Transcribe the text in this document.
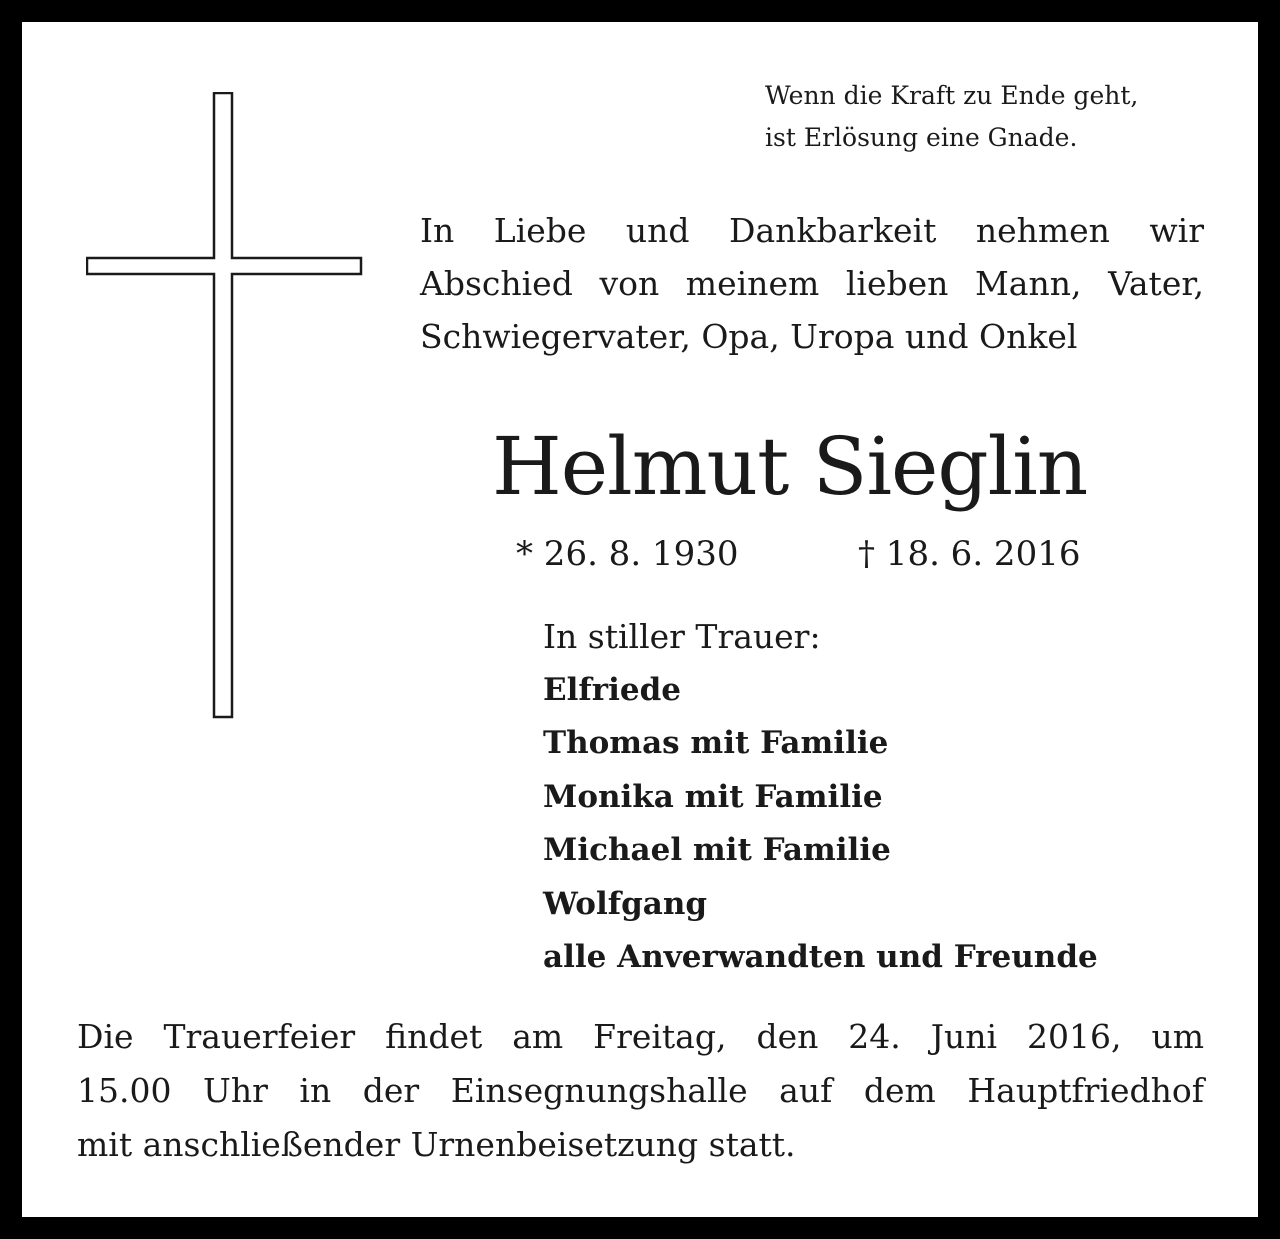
Wenn die Kraft zu Ende geht,
ist Erlösung eine Gnade.
In Liebe und Dankbarkeit nehmen wir
Abschied von meinem lieben Mann, Vater,
Schwiegervater, Opa, Uropa und Onkel
Helmut Sieglin
* 26. 8. 1930	† 18. 6. 2016
In stiller Trauer:
Elfriede
Thomas mit Familie
Monika mit Familie
Michael mit Familie
Wolfgang
alle Anverwandten und Freunde
Die Trauerfeier findet am Freitag, den 24. Juni 2016, um
15.00 Uhr in der Einsegnungshalle auf dem Hauptfriedhof
mit anschließender Urnenbeisetzung statt.
